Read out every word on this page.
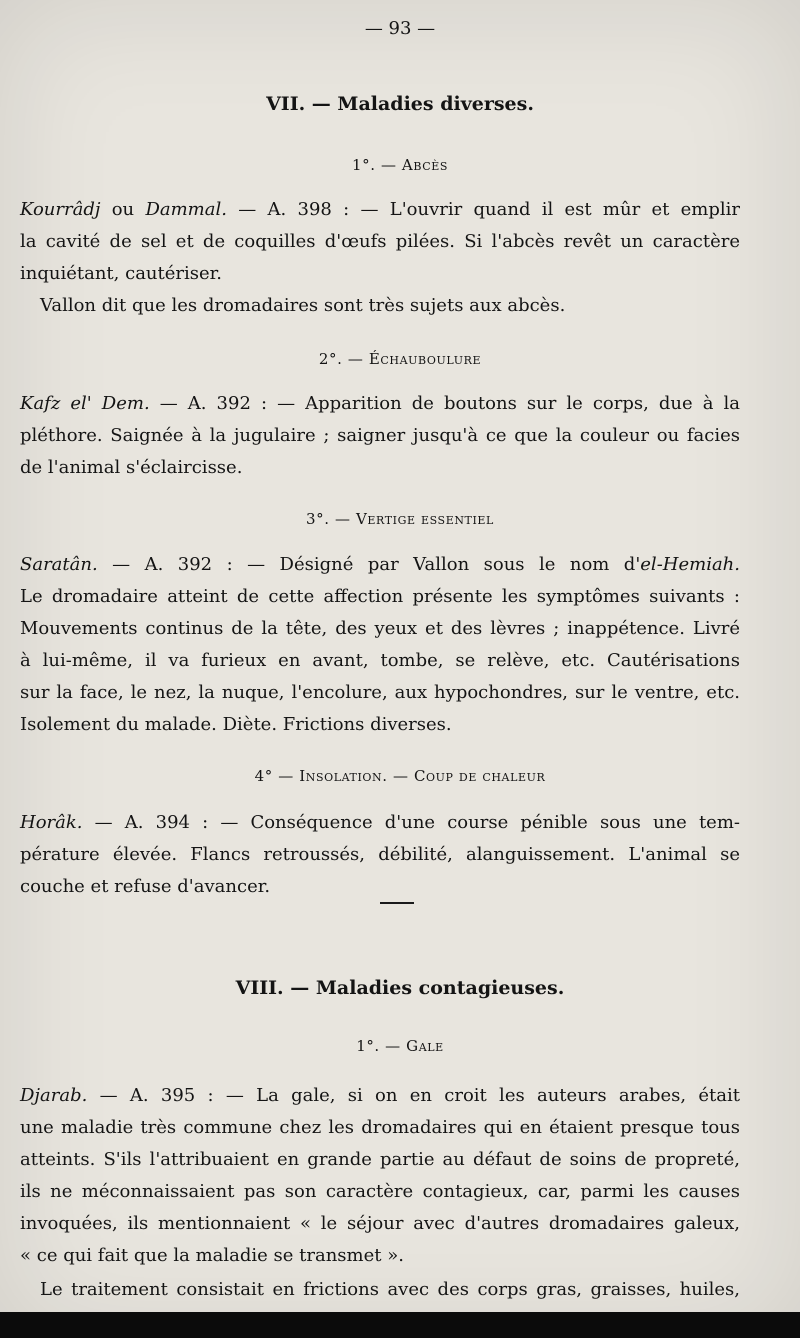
— 93 —
VII. — Maladies diverses.
1°. — Abcès
Kourrâdj ou Dammal. — A. 398 : — L'ouvrir quand il est mûr et emplir
la cavité de sel et de coquilles d'œufs pilées. Si l'abcès revêt un caractère
inquiétant, cautériser.
Vallon dit que les dromadaires sont très sujets aux abcès.
2°. — Échauboulure
Kafz el' Dem. — A. 392 : — Apparition de boutons sur le corps, due à la
pléthore. Saignée à la jugulaire ; saigner jusqu'à ce que la couleur ou facies
de l'animal s'éclaircisse.
3°. — Vertige essentiel
Saratân. — A. 392 : — Désigné par Vallon sous le nom d'el-Hemiah.
Le dromadaire atteint de cette affection présente les symptômes suivants :
Mouvements continus de la tête, des yeux et des lèvres ; inappétence. Livré
à lui-même, il va furieux en avant, tombe, se relève, etc. Cautérisations
sur la face, le nez, la nuque, l'encolure, aux hypochondres, sur le ventre, etc.
Isolement du malade. Diète. Frictions diverses.
4° — Insolation. — Coup de chaleur
Horâk. — A. 394 : — Conséquence d'une course pénible sous une tem-
pérature élevée. Flancs retroussés, débilité, alanguissement. L'animal se
couche et refuse d'avancer.
VIII. — Maladies contagieuses.
1°. — Gale
Djarab. — A. 395 : — La gale, si on en croit les auteurs arabes, était
une maladie très commune chez les dromadaires qui en étaient presque tous
atteints. S'ils l'attribuaient en grande partie au défaut de soins de propreté,
ils ne méconnaissaient pas son caractère contagieux, car, parmi les causes
invoquées, ils mentionnaient « le séjour avec d'autres dromadaires galeux,
« ce qui fait que la maladie se transmet ».
Le traitement consistait en frictions avec des corps gras, graisses, huiles,
